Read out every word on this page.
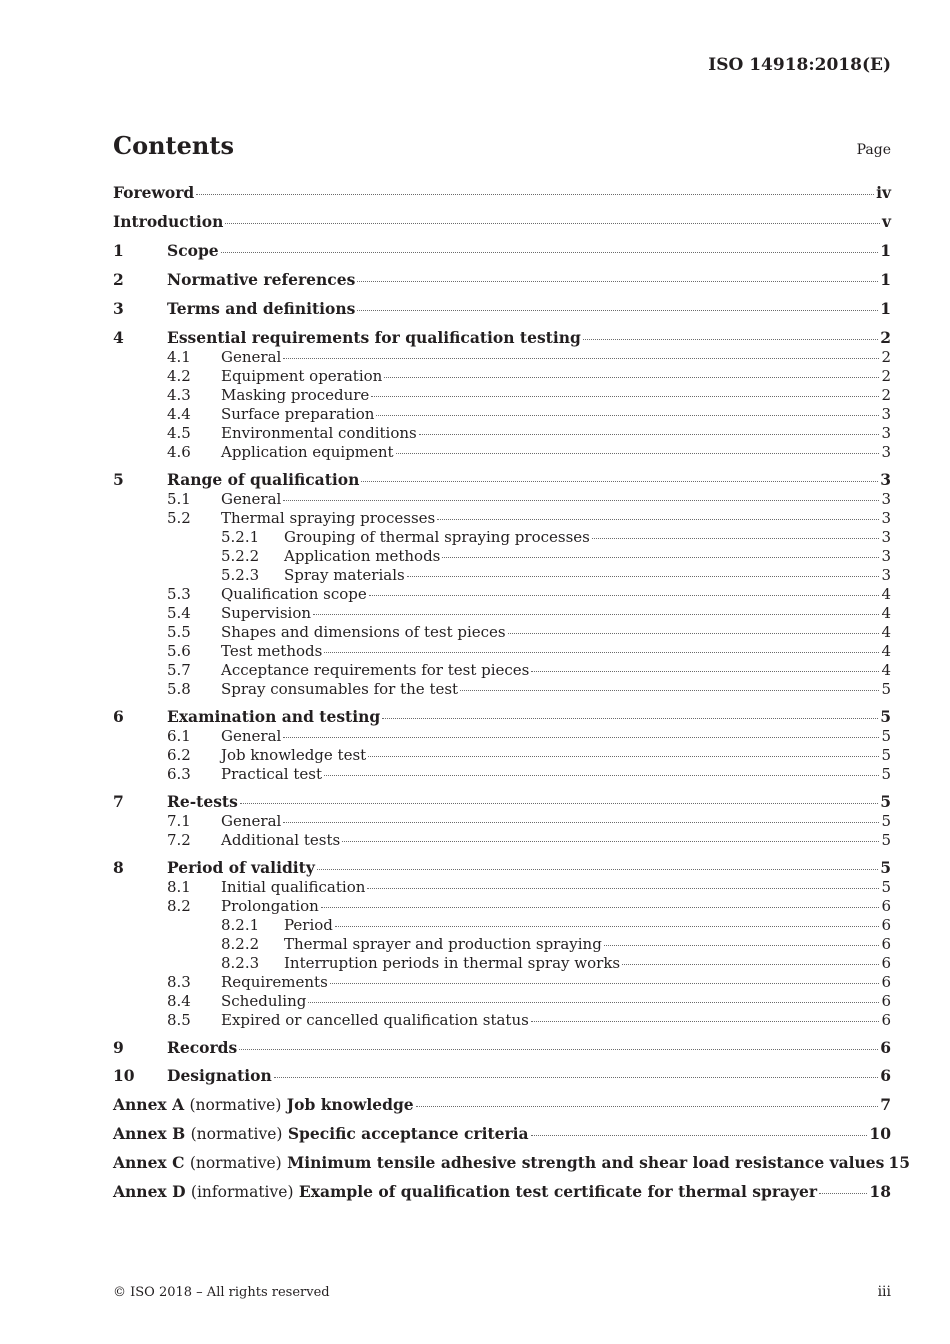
ISO 14918:2018(E)
Contents	Page
Foreword	iv
Introduction	v
1	Scope	1
2	Normative references	1
3	Terms and definitions	1
4	Essential requirements for qualification testing	2
4.1	General	2
4.2	Equipment operation	2
4.3	Masking procedure	2
4.4	Surface preparation	3
4.5	Environmental conditions	3
4.6	Application equipment	3
5	Range of qualification	3
5.1	General	3
5.2	Thermal spraying processes	3
5.2.1	Grouping of thermal spraying processes	3
5.2.2	Application methods	3
5.2.3	Spray materials	3
5.3	Qualification scope	4
5.4	Supervision	4
5.5	Shapes and dimensions of test pieces	4
5.6	Test methods	4
5.7	Acceptance requirements for test pieces	4
5.8	Spray consumables for the test	5
6	Examination and testing	5
6.1	General	5
6.2	Job knowledge test	5
6.3	Practical test	5
7	Re-tests	5
7.1	General	5
7.2	Additional tests	5
8	Period of validity	5
8.1	Initial qualification	5
8.2	Prolongation	6
8.2.1	Period	6
8.2.2	Thermal sprayer and production spraying	6
8.2.3	Interruption periods in thermal spray works	6
8.3	Requirements	6
8.4	Scheduling	6
8.5	Expired or cancelled qualification status	6
9	Records	6
10	Designation	6
Annex A (normative) Job knowledge	7
Annex B (normative) Specific acceptance criteria	10
Annex C (normative) Minimum tensile adhesive strength and shear load resistance values 15
Annex D (informative) Example of qualification test certificate for thermal sprayer	18
© ISO 2018 – All rights reserved	iii
